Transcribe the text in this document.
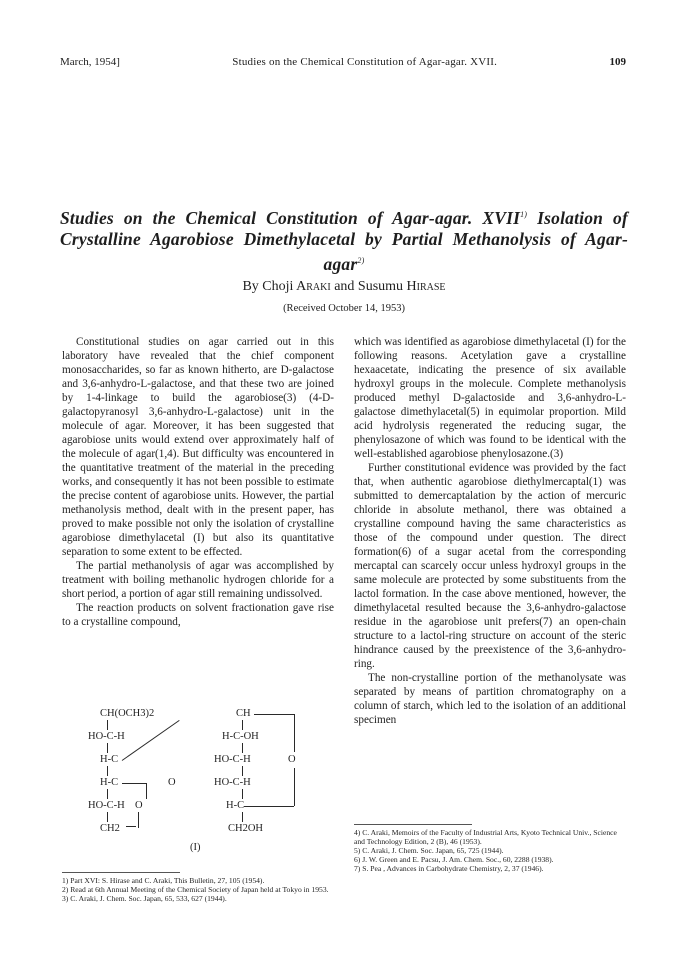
March, 1954]	Studies on the Chemical Constitution of Agar-agar. XVII.	109
Studies on the Chemical Constitution of Agar-agar. XVII$^{1)}$ Isolation of Crystalline Agarobiose Dimethylacetal by Partial Methanolysis of Agar-agar$^{2)}$
By Choji Araki and Susumu Hirase
(Received October 14, 1953)

Constitutional studies on agar carried out in this laboratory have revealed that the chief component monosaccharides, so far as known hitherto, are D-galactose and 3,6-anhydro-L-galactose, and that these two are joined by 1-4-linkage to build the agarobiose(3) (4-D-galactopyranosyl 3,6-anhydro-L-galactose) unit in the molecule of agar. Moreover, it has been suggested that agarobiose units would extend over approximately half of the molecule of agar(1,4). But difficulty was encountered in the quantitative treatment of the material in the preceding works, and consequently it has not been possible to estimate the precise content of agarobiose units. However, the partial methanolysis method, dealt with in the present paper, has proved to make possible not only the isolation of crystalline agarobiose dimethylacetal (I) but also its quantitative separation to some extent to be effected.

The partial methanolysis of agar was accomplished by treatment with boiling methanolic hydrogen chloride for a short period, a portion of agar still remaining undissolved.

The reaction products on solvent fractionation gave rise to a crystalline compound,

CH(OCH3)2
HO-C-H
H-C
H-C
HO-C-H
CH2
CH
H-C-OH
HO-C-H
HO-C-H
H-C
CH2OH
O
O
O
(I)

1) Part XVI: S. Hirase and C. Araki, This Bulletin, 27, 105 (1954).

2) Read at 6th Annual Meeting of the Chemical Society of Japan held at Tokyo in 1953.

3) C. Araki, J. Chem. Soc. Japan, 65, 533, 627 (1944).

which was identified as agarobiose dimethylacetal (I) for the following reasons. Acetylation gave a crystalline hexaacetate, indicating the presence of six available hydroxyl groups in the molecule. Complete methanolysis produced methyl D-galactoside and 3,6-anhydro-L-galactose dimethylacetal(5) in equimolar proportion. Mild acid hydrolysis regenerated the reducing sugar, the phenylosazone of which was found to be identical with the well-established agarobiose phenylosazone.(3)

Further constitutional evidence was provided by the fact that, when authentic agarobiose diethylmercaptal(1) was submitted to demercaptalation by the action of mercuric chloride in absolute methanol, there was obtained a crystalline compound having the same characteristics as those of the compound under question. The direct formation(6) of a sugar acetal from the corresponding mercaptal can scarcely occur unless hydroxyl groups in the same molecule are protected by some substituents from the lactol formation. In the case above mentioned, however, the dimethylacetal resulted because the 3,6-anhydro-galactose residue in the agarobiose unit prefers(7) an open-chain structure to a lactol-ring structure on account of the steric hindrance caused by the preexistence of the 3,6-anhydro-ring.

The non-crystalline portion of the methanolysate was separated by means of partition chromatography on a column of starch, which led to the isolation of an additional specimen

4) C. Araki, Memoirs of the Faculty of Industrial Arts, Kyoto Technical Univ., Science and Technology Edition, 2 (B), 46 (1953).

5) C. Araki, J. Chem. Soc. Japan, 65, 725 (1944).

6) J. W. Green and E. Pacsu, J. Am. Chem. Soc., 60, 2288 (1938).

7) S. Pea , Advances in Carbohydrate Chemistry, 2, 37 (1946).
